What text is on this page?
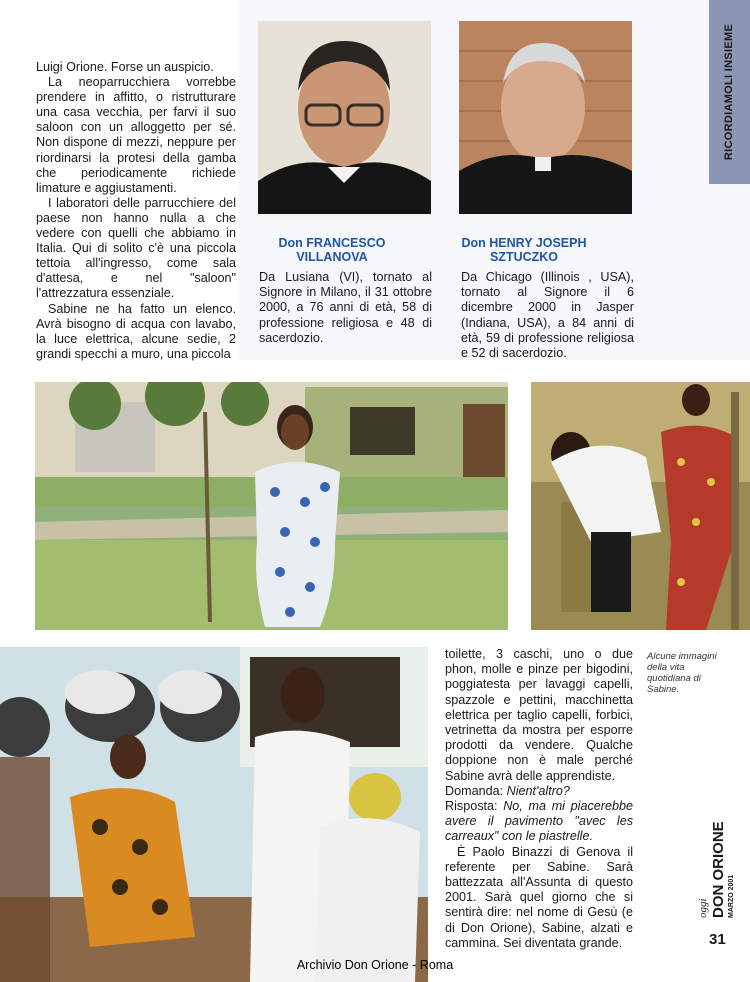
Luigi Orione. Forse un auspicio.

La neoparrucchiera vorrebbe prendere in affitto, o ristrutturare una casa vecchia, per farvi il suo saloon con un alloggetto per sé. Non dispone di mezzi, neppure per riordinarsi la protesi della gamba che periodicamente richiede limature e aggiustamenti.

I laboratori delle parrucchiere del paese non hanno nulla a che vedere con quelli che abbiamo in Italia. Qui di solito c'è una piccola tettoia all'ingresso, come sala d'attesa, e nel "saloon" l'attrezzatura essenziale.

Sabine ne ha fatto un elenco. Avrà bisogno di acqua con lavabo, la luce elettrica, alcune sedie, 2 grandi specchi a muro, una piccola

Don FRANCESCO
VILLANOVA
Da Lusiana (VI), tornato al Signore in Milano, il 31 ottobre 2000, a 76 anni di età, 58 di professione religiosa e 48 di sacerdozio.
Don HENRY JOSEPH
SZTUCZKO
Da Chicago (Illinois , USA), tornato al Signore il 6 dicembre 2000 in Jasper (Indiana, USA), a 84 anni di età, 59 di professione religiosa e 52 di sacerdozio.
RICORDIAMOLI INSIEME

toilette, 3 caschi, uno o due phon, molle e pinze per bigodini, poggiatesta per lavaggi capelli, spazzole e pettini, macchinetta elettrica per taglio capelli, forbici, vetrinetta da mostra per esporre prodotti da vendere. Qualche doppione non è male perché Sabine avrà delle apprendiste.

Domanda: Nient'altro?

Risposta: No, ma mi piacerebbe avere il pavimento "avec les carreaux" con le piastrelle.

È Paolo Binazzi di Genova il referente per Sabine. Sarà battezzata all'Assunta di questo 2001. Sarà quel giorno che si sentirà dire: nel nome di Gesù (e di Don Orione), Sabine, alzati e cammina. Sei diventata grande.

Alcune immagini della vita quotidiana di Sabine.
oggi DON ORIONE MARZO 2001
31
Archivio Don Orione - Roma
